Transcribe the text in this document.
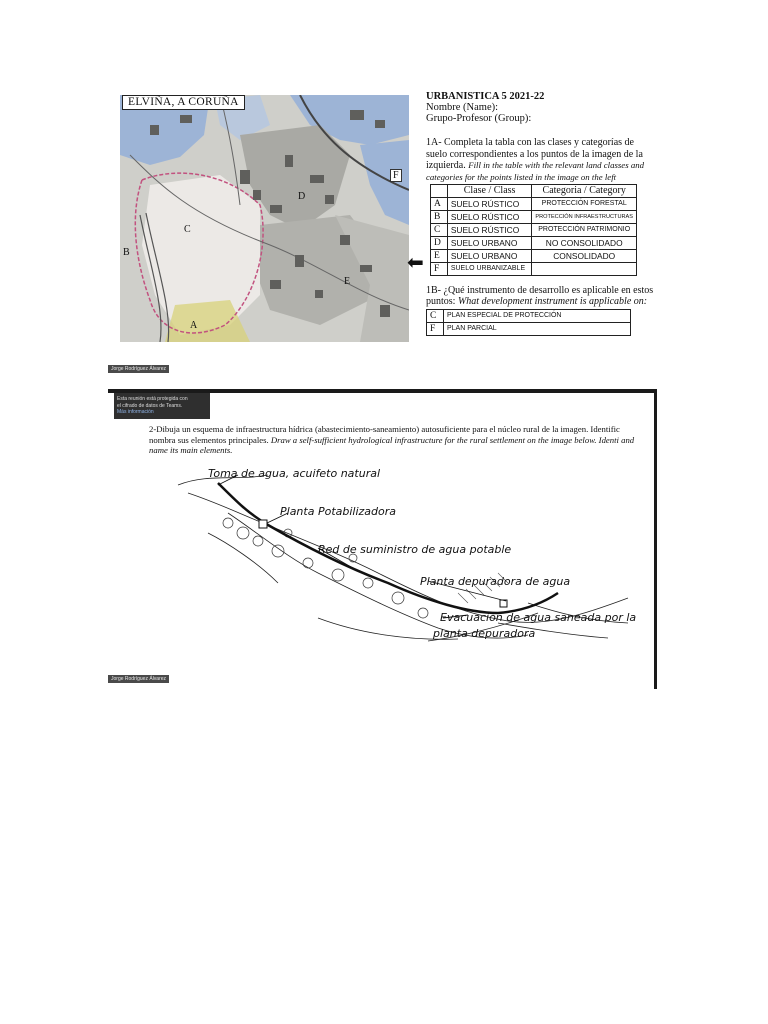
ELVIÑA, A CORUÑA
D
C
B
A
E
F
⬅
URBANISTICA 5 2021-22
Nombre (Name):
Grupo-Profesor (Group):
1A- Completa la tabla con las clases y categorías de suelo correspondientes a los puntos de la imagen de la izquierda. Fill in the table with the relevant land classes and categories for the points listed in the image on the left
	Clase / Class	Categoria / Category
A	SUELO RÚSTICO	PROTECCIÓN FORESTAL
B	SUELO RÚSTICO	PROTECCIÓN INFRAESTRUCTURAS
C	SUELO RÚSTICO	PROTECCIÓN PATRIMONIO
D	SUELO URBANO	NO CONSOLIDADO
E	SUELO URBANO	CONSOLIDADO
F	SUELO URBANIZABLE	
1B- ¿Qué instrumento de desarrollo es aplicable en estos puntos: What development instrument is applicable on:
C	PLAN ESPECIAL DE PROTECCIÓN
F	PLAN PARCIAL
Jorge Rodríguez Álvarez
Esta reunión está protegida con
el cifrado de datos de Teams.
Más información
2-Dibuja un esquema de infraestructura hídrica (abastecimiento-saneamiento) autosuficiente para el núcleo rural de la imagen. Identific nombra sus elementos principales. Draw a self-sufficient hydrological infrastructure for the rural settlement on the image below. Identi and name its main elements.
Toma de agua, acuifeto natural
Planta Potabilizadora
Red de suministro de agua potable
Planta depuradora de agua
Evacuación de agua saneada por la
planta depuradora
Jorge Rodríguez Álvarez
